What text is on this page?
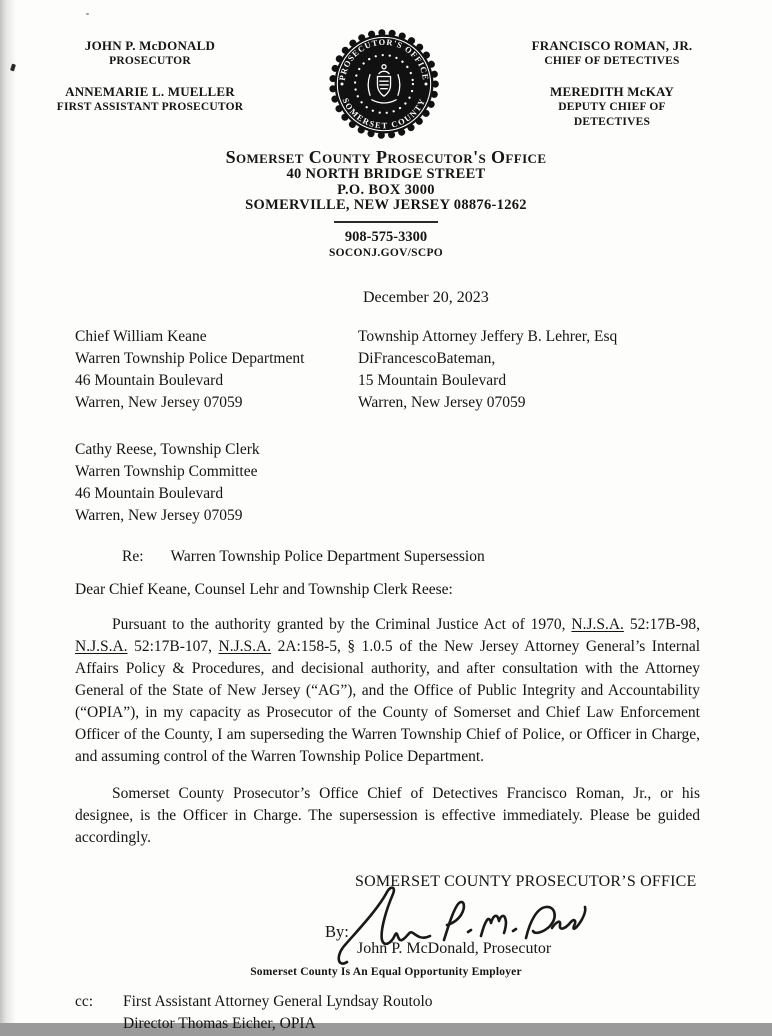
JOHN P. McDONALD
PROSECUTOR
ANNEMARIE L. MUELLER
FIRST ASSISTANT PROSECUTOR
PROSECUTOR'S OFFICE
SOMERSET COUNTY
FRANCISCO ROMAN, JR.
CHIEF OF DETECTIVES
MEREDITH McKAY
DEPUTY CHIEF OF DETECTIVES
Somerset County Prosecutor's Office
40 NORTH BRIDGE STREET
P.O. BOX 3000
SOMERVILLE, NEW JERSEY 08876-1262
908-575-3300
SOCONJ.GOV/SCPO
December 20, 2023
Chief William Keane
Warren Township Police Department
46 Mountain Boulevard
Warren, New Jersey 07059
Township Attorney Jeffery B. Lehrer, Esq
DiFrancescoBateman,
15 Mountain Boulevard
Warren, New Jersey 07059
Cathy Reese, Township Clerk
Warren Township Committee
46 Mountain Boulevard
Warren, New Jersey 07059
Re: Warren Township Police Department Supersession
Dear Chief Keane, Counsel Lehr and Township Clerk Reese:

Pursuant to the authority granted by the Criminal Justice Act of 1970, N.J.S.A. 52:17B-98, N.J.S.A. 52:17B-107, N.J.S.A. 2A:158-5, § 1.0.5 of the New Jersey Attorney General’s Internal Affairs Policy & Procedures, and decisional authority, and after consultation with the Attorney General of the State of New Jersey (“AG”), and the Office of Public Integrity and Accountability (“OPIA”), in my capacity as Prosecutor of the County of Somerset and Chief Law Enforcement Officer of the County, I am superseding the Warren Township Chief of Police, or Officer in Charge, and assuming control of the Warren Township Police Department.

Somerset County Prosecutor’s Office Chief of Detectives Francisco Roman, Jr., or his designee, is the Officer in Charge. The supersession is effective immediately. Please be guided accordingly.

SOMERSET COUNTY PROSECUTOR’S OFFICE
By:
John P. McDonald, Prosecutor
cc:	First Assistant Attorney General Lyndsay Routolo
Director Thomas Eicher, OPIA
Somerset County Is An Equal Opportunity Employer
